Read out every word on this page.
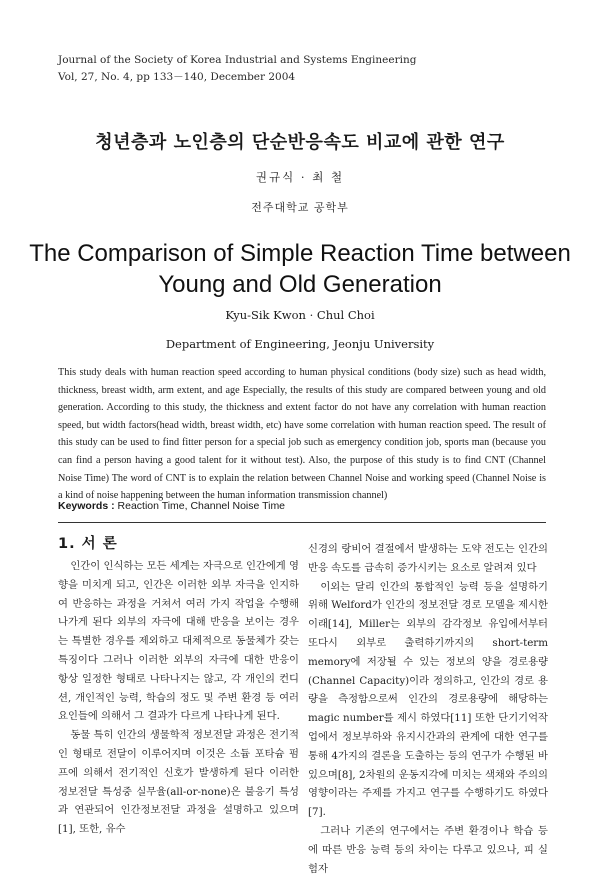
Journal of the Society of Korea Industrial and Systems Engineering
Vol, 27, No. 4, pp 133－140, December 2004
청년층과 노인층의 단순반응속도 비교에 관한 연구
권규식 · 최 철
전주대학교 공학부
The Comparison of Simple Reaction Time between
Young and Old Generation
Kyu-Sik Kwon · Chul Choi
Department of Engineering, Jeonju University
This study deals with human reaction speed according to human physical conditions (body size) such as head width, thickness, breast width, arm extent, and age Especially, the results of this study are compared between young and old generation. According to this study, the thickness and extent factor do not have any correlation with human reaction speed, but width factors(head width, breast width, etc) have some correlation with human reaction speed. The result of this study can be used to find fitter person for a special job such as emergency condition job, sports man (because you can find a person having a good talent for it without test). Also, the purpose of this study is to find CNT (Channel Noise Time) The word of CNT is to explain the relation between Channel Noise and working speed (Channel Noise is a kind of noise happening between the human information transmission channel)
Keywords : Reaction Time, Channel Noise Time
1. 서 론

인간이 인식하는 모든 세계는 자극으로 인간에게 영향을 미치게 되고, 인간은 이러한 외부 자극을 인지하여 반응하는 과정을 거쳐서 여러 가지 작업을 수행해나가게 된다 외부의 자극에 대해 반응을 보이는 경우는 특별한 경우를 제외하고 대체적으로 동물체가 갖는 특징이다 그러나 이러한 외부의 자극에 대한 반응이 항상 일정한 형태로 나타나지는 않고, 각 개인의 컨디션, 개인적인 능력, 학습의 정도 및 주변 환경 등 여러 요인들에 의해서 그 결과가 다르게 나타나게 된다.

동물 특히 인간의 생물학적 정보전달 과정은 전기적인 형태로 전달이 이루어지며 이것은 소듐 포타슘 펌프에 의해서 전기적인 신호가 발생하게 된다 이러한 정보전달 특성중 실무율(all-or-none)은 불응기 특성과 연관되어 인간정보전달 과정을 설명하고 있으며[1], 또한, 유수

신경의 랑비어 결절에서 발생하는 도약 전도는 인간의 반응 속도를 급속히 증가시키는 요소로 알려져 있다

이외는 달리 인간의 통합적인 능력 등을 설명하기 위해 Welford가 인간의 정보전달 경로 모델을 제시한 이래[14], Miller는 외부의 감각정보 유입에서부터 또다시 외부로 출력하기까지의 short-term memory에 저장될 수 있는 정보의 양을 경로용량(Channel Capacity)이라 정의하고, 인간의 경로 용량을 측정함으로써 인간의 경로용량에 해당하는 magic number를 제시 하였다[11] 또한 단기기억작업에서 정보부하와 유지시간과의 관계에 대한 연구를 통해 4가지의 결론을 도출하는 등의 연구가 수행된 바 있으며[8], 2차원의 운동지각에 미치는 색채와 주의의 영향이라는 주제를 가지고 연구를 수행하기도 하였다[7].

그러나 기존의 연구에서는 주변 환경이나 학습 등에 따른 반응 능력 등의 차이는 다루고 있으나, 피 실험자
